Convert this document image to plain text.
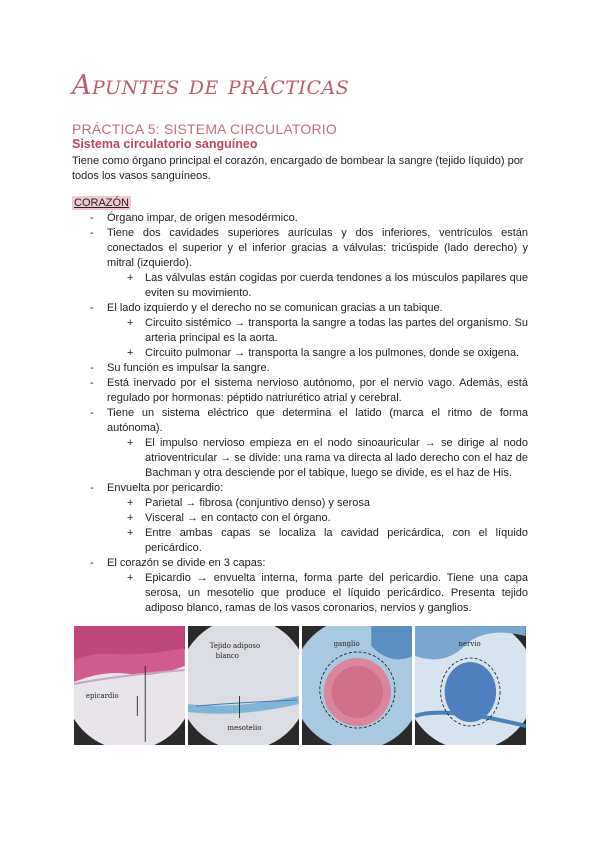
Apuntes de prácticas
PRÁCTICA 5: SISTEMA CIRCULATORIO
Sistema circulatorio sanguíneo
Tiene como órgano principal el corazón, encargado de bombear la sangre (tejido líquido) por todos los vasos sanguíneos.
CORAZÓN
- Órgano impar, de origen mesodérmico.
- Tiene dos cavidades superiores aurículas y dos inferiores, ventrículos están conectados el superior y el inferior gracias a válvulas: tricúspide (lado derecho) y mitral (izquierdo).
+ Las válvulas están cogidas por cuerda tendones a los músculos papilares que eviten su movimiento.
- El lado izquierdo y el derecho no se comunican gracias a un tabique.
+ Circuito sistémico → transporta la sangre a todas las partes del organismo. Su arteria principal es la aorta.
+ Circuito pulmonar → transporta la sangre a los pulmones, donde se oxigena.
- Su función es impulsar la sangre.
- Está inervado por el sistema nervioso autónomo, por el nervio vago. Además, está regulado por hormonas: péptido natriurético atrial y cerebral.
- Tiene un sistema eléctrico que determina el latido (marca el ritmo de forma autónoma).
+ El impulso nervioso empieza en el nodo sinoauricular → se dirige al nodo atrioventricular → se divide: una rama va directa al lado derecho con el haz de Bachman y otra desciende por el tabique, luego se divide, es el haz de His.
- Envuelta por pericardio:
+ Parietal → fibrosa (conjuntivo denso) y serosa
+ Visceral → en contacto con el órgano.
+ Entre ambas capas se localiza la cavidad pericárdica, con el líquido pericárdico.
- El corazón se divide en 3 capas:
+ Epicardio → envuelta interna, forma parte del pericardio. Tiene una capa serosa, un mesotelio que produce el líquido pericárdico. Presenta tejido adiposo blanco, ramas de los vasos coronarios, nervios y ganglios.
epicardio
Tejido adiposo
blanco
mesotelio
ganglio	nervio
